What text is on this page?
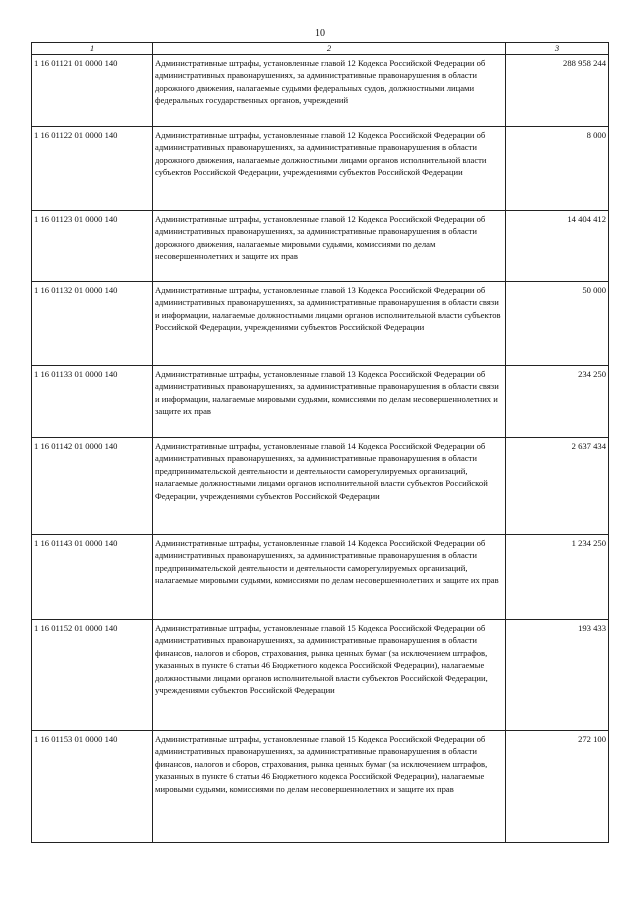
10
1	2	3
1 16 01121 01 0000 140	Административные штрафы, установленные главой 12 Кодекса Российской Федерации об административных правонарушениях, за административные правонарушения в области дорожного движения, налагаемые судьями федеральных судов, должностными лицами федеральных государственных органов, учреждений	288 958 244
1 16 01122 01 0000 140	Административные штрафы, установленные главой 12 Кодекса Российской Федерации об административных правонарушениях, за административные правонарушения в области дорожного движения, налагаемые должностными лицами органов исполнительной власти субъектов Российской Федерации, учреждениями субъектов Российской Федерации	8 000
1 16 01123 01 0000 140	Административные штрафы, установленные главой 12 Кодекса Российской Федерации об административных правонарушениях, за административные правонарушения в области дорожного движения, налагаемые мировыми судьями, комиссиями по делам несовершеннолетних и защите их прав	14 404 412
1 16 01132 01 0000 140	Административные штрафы, установленные главой 13 Кодекса Российской Федерации об административных правонарушениях, за административные правонарушения в области связи и информации, налагаемые должностными лицами органов исполнительной власти субъектов Российской Федерации, учреждениями субъектов Российской Федерации	50 000
1 16 01133 01 0000 140	Административные штрафы, установленные главой 13 Кодекса Российской Федерации об административных правонарушениях, за административные правонарушения в области связи и информации, налагаемые мировыми судьями, комиссиями по делам несовершеннолетних и защите их прав	234 250
1 16 01142 01 0000 140	Административные штрафы, установленные главой 14 Кодекса Российской Федерации об административных правонарушениях, за административные правонарушения в области предпринимательской деятельности и деятельности саморегулируемых организаций, налагаемые должностными лицами органов исполнительной власти субъектов Российской Федерации, учреждениями субъектов Российской Федерации	2 637 434
1 16 01143 01 0000 140	Административные штрафы, установленные главой 14 Кодекса Российской Федерации об административных правонарушениях, за административные правонарушения в области предпринимательской деятельности и деятельности саморегулируемых организаций, налагаемые мировыми судьями, комиссиями по делам несовершеннолетних и защите их прав	1 234 250
1 16 01152 01 0000 140	Административные штрафы, установленные главой 15 Кодекса Российской Федерации об административных правонарушениях, за административные правонарушения в области финансов, налогов и сборов, страхования, рынка ценных бумаг (за исключением штрафов, указанных в пункте 6 статьи 46 Бюджетного кодекса Российской Федерации), налагаемые должностными лицами органов исполнительной власти субъектов Российской Федерации, учреждениями субъектов Российской Федерации	193 433
1 16 01153 01 0000 140	Административные штрафы, установленные главой 15 Кодекса Российской Федерации об административных правонарушениях, за административные правонарушения в области финансов, налогов и сборов, страхования, рынка ценных бумаг (за исключением штрафов, указанных в пункте 6 статьи 46 Бюджетного кодекса Российской Федерации), налагаемые мировыми судьями, комиссиями по делам несовершеннолетних и защите их прав	272 100
